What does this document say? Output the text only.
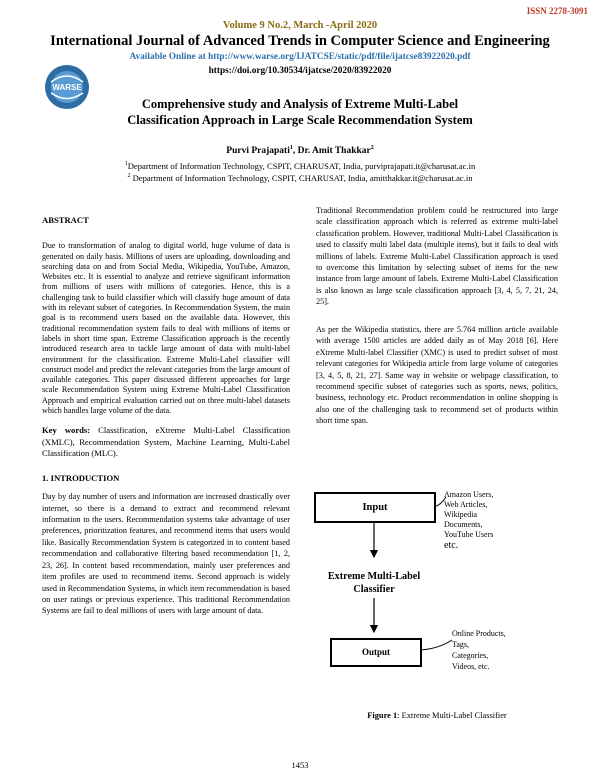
ISSN 2278-3091
Volume 9 No.2, March -April 2020
International Journal of Advanced Trends in Computer Science and Engineering
Available Online at http://www.warse.org/IJATCSE/static/pdf/file/ijatcse83922020.pdf
https://doi.org/10.30534/ijatcse/2020/83922020
WARSE
Comprehensive study and Analysis of Extreme Multi-Label
Classification Approach in Large Scale Recommendation System
Purvi Prajapati$^1$, Dr. Amit Thakkar$^2$
$^1$Department of Information Technology, CSPIT, CHARUSAT, India, purviprajapati.it@charusat.ac.in
$^2$ Department of Information Technology, CSPIT, CHARUSAT, India, amitthakkar.it@charusat.ac.in
ABSTRACT
Due to transformation of analog to digital world, huge volume of data is generated on daily basis. Millions of users are uploading, downloading and searching data on and from Social Media, Wikipedia, YouTube, Amazon, Websites etc. It is essential to analyze and retrieve significant information from millions of users with millions of categories. Hence, this is a challenging task to build classifier which will classify huge amount of data with its relevant subset of categories. In Recommendation System, the main goal is to recommend users based on the available data. However, this traditional recommendation system fails to deal with millions of items or labels in short time span. Extreme Classification approach is the recently introduced research area to tackle large amount of data with multi-label environment for the classification. Extreme Multi-Label classifier will construct model and predict the relevant categories from the large amount of available categories. This paper discussed different approaches for large scale Recommendation System using Extreme Multi-Label Classification Approach and empirical evaluation carried out on three multi-label datasets which handles large volume of the data.
Key words: Classification, eXtreme Multi-Label Classification (XMLC), Recommendation System, Machine Learning, Multi-Label Classification (MLC).
1. INTRODUCTION
Day by day number of users and information are increased drastically over internet, so there is a demand to extract and recommend relevant information to the users. Recommendation systems take advantage of user preferences, prioritization features, and recommend items that users would like. Basically Recommendation System is categorized in to content based recommendation and collaborative filtering based recommendation [1, 2, 23, 26]. In content based recommendation, mainly user preferences and item profiles are used to recommend items. Second approach is widely used in Recommendation Systems, in which item recommendation is based on user ratings or previous experience. This traditional Recommendation Systems are fail to deal millions of users with large amount of data.
Traditional Recommendation problem could be restructured into large scale classification approach which is referred as extreme multi-label classification problem. However, traditional Multi-Label Classification is used to classify multi label data (multiple items), but it fails to deal with millions of labels. Extreme Multi-Label Classification approach is used to overcome this limitation by selecting subset of items for the new instance from large amount of labels. Extreme Multi-Label Classification is also known as large scale classification approach [3, 4, 5, 7, 21, 24, 25].
As per the Wikipedia statistics, there are 5.764 million article available with average 1500 articles are added daily as of May 2018 [6]. Here eXtreme Multi-label Classifier (XMC) is used to predict subset of most relevant categories for Wikipedia article from large volume of categories [3, 4, 5, 8, 21, 27]. Same way in website or webpage classification, to recommend specific subset of categories such as sports, news, politics, business, technology etc. Product recommendation in online shopping is also one of the challenging task to recommend set of products within short time span.
Input
Extreme Multi-Label
Classifier
Output
Amazon Users,
Web Articles,
Wikipedia
Documents,
YouTube Users
etc.
Online Products,
Tags,
Categories,
Videos, etc.
Figure 1: Extreme Multi-Label Classifier
1453
